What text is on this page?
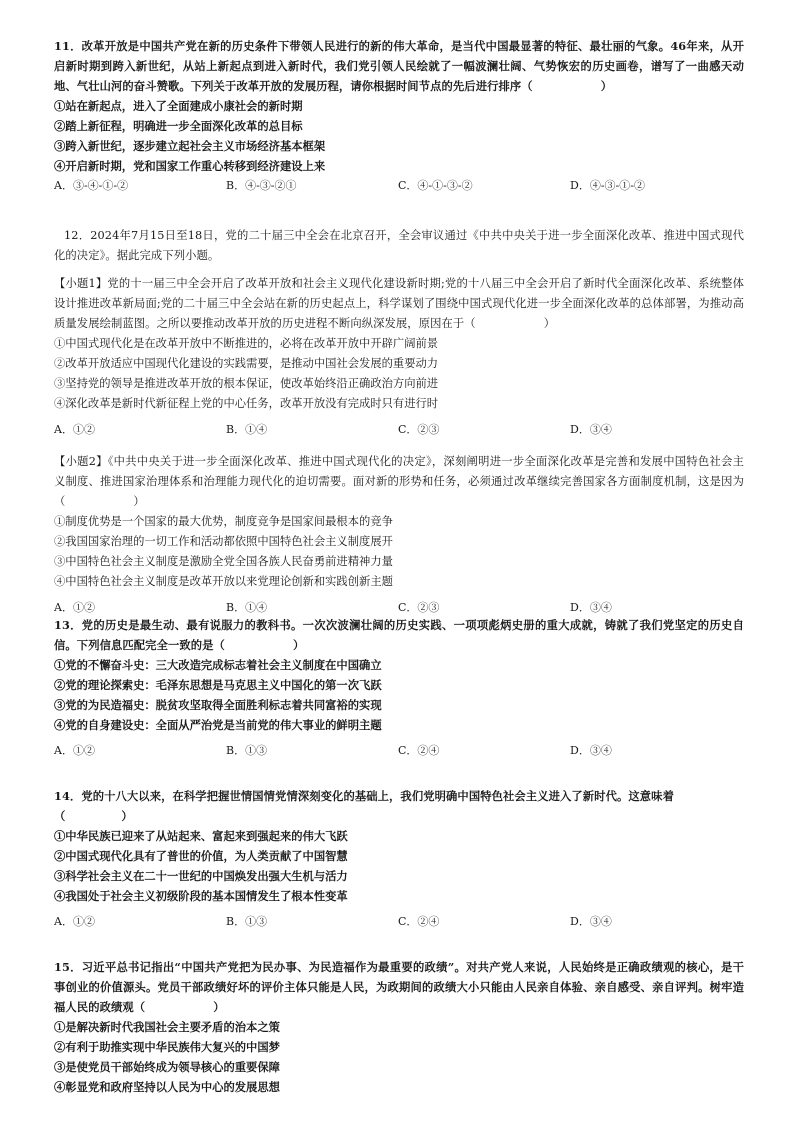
11．改革开放是中国共产党在新的历史条件下带领人民进行的新的伟大革命，是当代中国最显著的特征、最壮丽的气象。46年来，从开启新时期到跨入新世纪，从站上新起点到进入新时代，我们党引领人民绘就了一幅波澜壮阔、气势恢宏的历史画卷，谱写了一曲感天动地、气壮山河的奋斗赞歌。下列关于改革开放的发展历程，请你根据时间节点的先后进行排序（	）

①站在新起点，进入了全面建成小康社会的新时期

②踏上新征程，明确进一步全面深化改革的总目标

③跨入新世纪，逐步建立起社会主义市场经济基本框架

④开启新时期，党和国家工作重心转移到经济建设上来

A．③-④-①-②	B．④-③-②①	C．④-①-③-②	D．④-③-①-②

12．2024年7月15日至18日，党的二十届三中全会在北京召开，全会审议通过《中共中央关于进一步全面深化改革、推进中国式现代化的决定》。据此完成下列小题。

【小题1】党的十一届三中全会开启了改革开放和社会主义现代化建设新时期;党的十八届三中全会开启了新时代全面深化改革、系统整体设计推进改革新局面;党的二十届三中全会站在新的历史起点上，科学谋划了围绕中国式现代化进一步全面深化改革的总体部署，为推动高质量发展绘制蓝图。之所以要推动改革开放的历史进程不断向纵深发展，原因在于（	）

①中国式现代化是在改革开放中不断推进的，必将在改革开放中开辟广阔前景

②改革开放适应中国现代化建设的实践需要，是推动中国社会发展的重要动力

③坚持党的领导是推进改革开放的根本保证，使改革始终沿正确政治方向前进

④深化改革是新时代新征程上党的中心任务，改革开放没有完成时只有进行时

A．①②	B．①④	C．②③	D．③④

【小题2】《中共中央关于进一步全面深化改革、推进中国式现代化的决定》，深刻阐明进一步全面深化改革是完善和发展中国特色社会主义制度、推进国家治理体系和治理能力现代化的迫切需要。面对新的形势和任务，必须通过改革继续完善国家各方面制度机制，这是因为（	）

①制度优势是一个国家的最大优势，制度竞争是国家间最根本的竞争

②我国国家治理的一切工作和活动都依照中国特色社会主义制度展开

③中国特色社会主义制度是激励全党全国各族人民奋勇前进精神力量

④中国特色社会主义制度是改革开放以来党理论创新和实践创新主题

A．①②	B．①④	C．②③	D．③④

13．党的历史是最生动、最有说服力的教科书。一次次波澜壮阔的历史实践、一项项彪炳史册的重大成就，铸就了我们党坚定的历史自信。下列信息匹配完全一致的是（	）

①党的不懈奋斗史：三大改造完成标志着社会主义制度在中国确立

②党的理论探索史：毛泽东思想是马克思主义中国化的第一次飞跃

③党的为民造福史：脱贫攻坚取得全面胜利标志着共同富裕的实现

④党的自身建设史：全面从严治党是当前党的伟大事业的鲜明主题

A．①②	B．①③	C．②④	D．③④

14．党的十八大以来，在科学把握世情国情党情深刻变化的基础上，我们党明确中国特色社会主义进入了新时代。这意味着

（	）

①中华民族已迎来了从站起来、富起来到强起来的伟大飞跃

②中国式现代化具有了普世的价值，为人类贡献了中国智慧

③科学社会主义在二十一世纪的中国焕发出强大生机与活力

④我国处于社会主义初级阶段的基本国情发生了根本性变革

A．①②	B．①③	C．②④	D．③④

15．习近平总书记指出“中国共产党把为民办事、为民造福作为最重要的政绩”。对共产党人来说，人民始终是正确政绩观的核心，是干事创业的价值源头。党员干部政绩好坏的评价主体只能是人民，为政期间的政绩大小只能由人民亲自体验、亲自感受、亲自评判。树牢造福人民的政绩观（	）

①是解决新时代我国社会主要矛盾的治本之策

②有利于助推实现中华民族伟大复兴的中国梦

③是使党员干部始终成为领导核心的重要保障

④彰显党和政府坚持以人民为中心的发展思想
